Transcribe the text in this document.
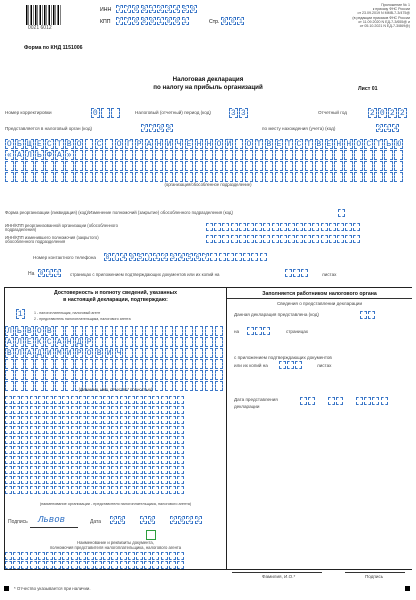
0021 6012
ИНН 7 7 0 8 1 2 3 4 5 0
КПП 7 7 0 8 0 1 0 0 1	Стр. 0 0 1
Приложение № 1
к приказу ФНС России
от 23.09.2019 N ММВ-7-3/475@
(в редакции приказов ФНС России
от 11.09.2020 N ЕД-7-3/655@ и
от 05.10.2021 N ЕД-7-3/869@)
Форма по КНД 1151006
Лист 01
Налоговая декларация
по налогу на прибыль организаций
Номер корректировки	0	Налоговый (отчетный) период (код) 3 3	Отчетный год	2 0 2 2
Представляется в налоговый орган (код)	7 7 0 8	по месту нахождения (учета) (код)	2 1 4
О Б Щ Е С Т В О С О Г Р А Н И Ч Е Н Н О Й О Т В Е Т С Т В Е Н Н О С Т Ь Ю
« А Л Ь Ф А »
(организация/обособленное подразделение)
Форма реорганизации (ликвидация) (код)/Изменение полномочий (закрытие) обособленного подразделения (код)
ИНН/КПП реорганизованной организации (обособленного подразделения)
ИНН/КПП изменившего полномочия (закрытого) обособленного подразделения
Номер контактного телефона 8 ( 4 9 5 ) 1 2 3 4 5 6 7
На 0 1 1	страницах с приложением подтверждающих документов или их копий на	листах
Достоверность и полноту сведений, указанных
в настоящей декларации, подтверждаю:
1	1 - налогоплательщик, налоговый агент
2 - представитель налогоплательщика, налогового агента
Л Ь В О В
А Л Е К С А Н Д Р
В Л А Д И М И Р О В И Ч
(фамилия, имя, отчество* полностью)
(наименование организации - представителя налогоплательщика, налогового агента)
Подпись Львов	Дата 2 8	1 0	2 0 2 2
Наименование и реквизиты документа,
полномочия представителя налогоплательщика, налогового агента
Заполняется работником налогового органа
Сведения о представлении декларации
Данная декларация представлена (код)
на	страницах
с приложением подтверждающих документов
или их копий на	листах
Дата представления
декларации
Фамилия, И.О.*	Подпись
* Отчество указывается при наличии.
